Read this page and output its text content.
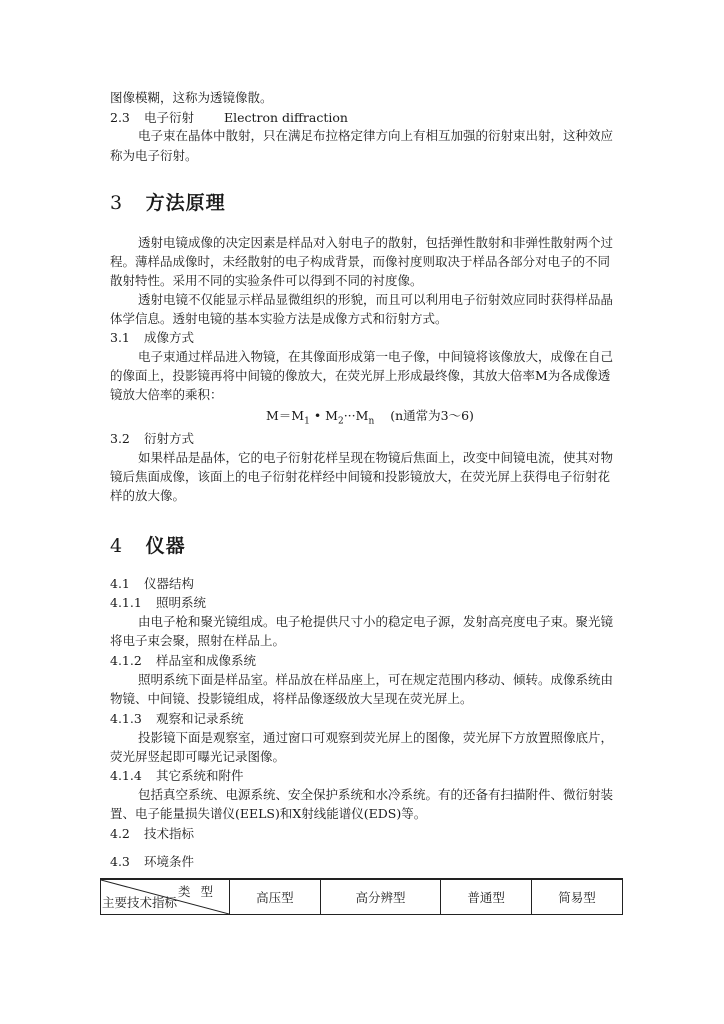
图像模糊，这称为透镜像散。
2.3 电子衍射 Electron diffraction
电子束在晶体中散射，只在满足布拉格定律方向上有相互加强的衍射束出射，这种效应
称为电子衍射。
3 方法原理
透射电镜成像的决定因素是样品对入射电子的散射，包括弹性散射和非弹性散射两个过
程。薄样品成像时，未经散射的电子构成背景，而像衬度则取决于样品各部分对电子的不同
散射特性。采用不同的实验条件可以得到不同的衬度像。
透射电镜不仅能显示样品显微组织的形貌，而且可以利用电子衍射效应同时获得样品晶
体学信息。透射电镜的基本实验方法是成像方式和衍射方式。
3.1 成像方式
电子束通过样品进入物镜，在其像面形成第一电子像，中间镜将该像放大，成像在自己
的像面上，投影镜再将中间镜的像放大，在荧光屏上形成最终像，其放大倍率M为各成像透
镜放大倍率的乘积：
$M=M_1$ • $M_2\cdot\cdot\cdot M_n$ (n通常为3～6)
3.2 衍射方式
如果样品是晶体，它的电子衍射花样呈现在物镜后焦面上，改变中间镜电流，使其对物
镜后焦面成像，该面上的电子衍射花样经中间镜和投影镜放大，在荧光屏上获得电子衍射花
样的放大像。
4 仪器
4.1 仪器结构
4.1.1 照明系统
由电子枪和聚光镜组成。电子枪提供尺寸小的稳定电子源，发射高亮度电子束。聚光镜
将电子束会聚，照射在样品上。
4.1.2 样品室和成像系统
照明系统下面是样品室。样品放在样品座上，可在规定范围内移动、倾转。成像系统由
物镜、中间镜、投影镜组成，将样品像逐级放大呈现在荧光屏上。
4.1.3 观察和记录系统
投影镜下面是观察室，通过窗口可观察到荧光屏上的图像，荧光屏下方放置照像底片，
荧光屏竖起即可曝光记录图像。
4.1.4 其它系统和附件
包括真空系统、电源系统、安全保护系统和水冷系统。有的还备有扫描附件、微衍射装
置、电子能量损失谱仪(EELS)和X射线能谱仪(EDS)等。
4.2 技术指标
4.3 环境条件
类型
主要技术指标	高压型	高分辨型	普通型	简易型
